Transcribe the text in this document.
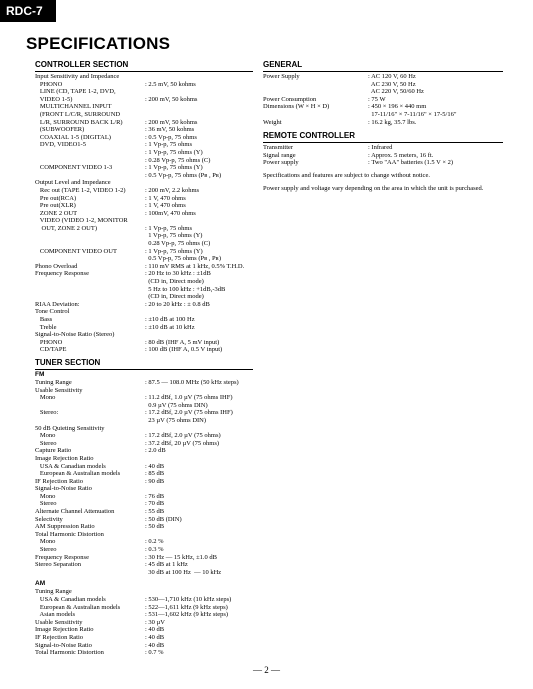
RDC-7
SPECIFICATIONS
CONTROLLER SECTION
Input Sensitivity and Impedance
PHONO	: 2.5 mV, 50 kohms
LINE (CD, TAPE 1-2, DVD,
VIDEO 1-5)	: 200 mV, 50 kohms
MULTICHANNEL INPUT
(FRONT L/C/R, SURROUND
L/R, SURROUND BACK L/R)	: 200 mV, 50 kohms
(SUBWOOFER)	: 36 mV, 50 kohms
COAXIAL 1-5 (DIGITAL)	: 0.5 Vp-p, 75 ohms
DVD, VIDEO1-5	: 1 Vp-p, 75 ohms
: 1 Vp-p, 75 ohms (Y)
: 0.28 Vp-p, 75 ohms (C)
COMPONENT VIDEO 1-3	: 1 Vp-p, 75 ohms (Y)
: 0.5 Vp-p, 75 ohms (Pʙ , Pʀ)
Output Level and Impedance
Rec out (TAPE 1-2, VIDEO 1-2)	: 200 mV, 2.2 kohms
Pre out(RCA)	: 1 V, 470 ohms
Pre out(XLR)	: 1 V, 470 ohms
ZONE 2 OUT	: 100mV, 470 ohms
VIDEO (VIDEO 1-2, MONITOR
OUT, ZONE 2 OUT)	: 1 Vp-p, 75 ohms
1 Vp-p, 75 ohms (Y)
0.28 Vp-p, 75 ohms (C)
COMPONENT VIDEO OUT	: 1 Vp-p, 75 ohms (Y)
0.5 Vp-p, 75 ohms (Pʙ , Pʀ)
Phono Overload	: 110 mV RMS at 1 kHz, 0.5% T.H.D.
Frequency Response	: 20 Hz to 30 kHz : ±1dB
(CD in, Direct mode)
5 Hz to 100 kHz : +1dB,-3dB
(CD in, Direct mode)
RIAA Deviation:	: 20 to 20 kHz : ± 0.8 dB
Tone Control
Bass	: ±10 dB at 100 Hz
Treble	: ±10 dB at 10 kHz
Signal-to-Noise Ratio (Stereo)
PHONO	: 80 dB (IHF A, 5 mV input)
CD/TAPE	: 100 dB (IHF A, 0.5 V input)
TUNER SECTION
FM
Tuning Range	: 87.5 — 108.0 MHz (50 kHz steps)
Usable Sensitivity
Mono	: 11.2 dBf, 1.0 µV (75 ohms IHF)
0.9 µV (75 ohms DIN)
Stereo:	: 17.2 dBf, 2.0 µV (75 ohms IHF)
23 µV (75 ohms DIN)
50 dB Quieting Sensitivity
Mono	: 17.2 dBf, 2.0 µV (75 ohms)
Stereo	: 37.2 dBf, 20 µV (75 ohms)
Capture Ratio	: 2.0 dB
Image Rejection Ratio
USA & Canadian models	: 40 dB
European & Australian models	: 85 dB
IF Rejection Ratio	: 90 dB
Signal-to-Noise Ratio
Mono	: 76 dB
Stereo	: 70 dB
Alternate Channel Attenuation	: 55 dB
Selectivity	: 50 dB (DIN)
AM Suppression Ratio	: 50 dB
Total Harmonic Distortion
Mono	: 0.2 %
Stereo	: 0.3 %
Frequency Response	: 30 Hz — 15 kHz, ±1.0 dB
Stereo Separation	: 45 dB at 1 kHz
30 dB at 100 Hz  — 10 kHz
AM
Tuning Range
USA & Canadian models	: 530—1,710 kHz (10 kHz steps)
European & Australian models	: 522—1,611 kHz (9 kHz steps)
Asian models	: 531—1,602 kHz (9 kHz steps)
Usable Sensitivity	: 30 µV
Image Rejection Ratio	: 40 dB
IF Rejection Ratio	: 40 dB
Signal-to-Noise Ratio	: 40 dB
Total Harmonic Distortion	: 0.7 %
GENERAL
Power Supply	: AC 120 V, 60 Hz
AC 230 V, 50 Hz
AC 220 V, 50/60 Hz
Power Consumption	: 75 W
Dimensions (W × H × D)	: 450 × 196 × 440 mm
17-11/16" × 7-11/16" × 17-5/16"
Weight	: 16.2 kg, 35.7 lbs.
REMOTE CONTROLLER
Transmitter	: Infrared
Signal range	: Approx. 5 meters, 16 ft.
Power supply	: Two "AA" batteries (1.5 V × 2)
Specifications and features are subject to change without notice.
Power supply and voltage vary depending on the area in which the unit is purchased.
— 2 —
